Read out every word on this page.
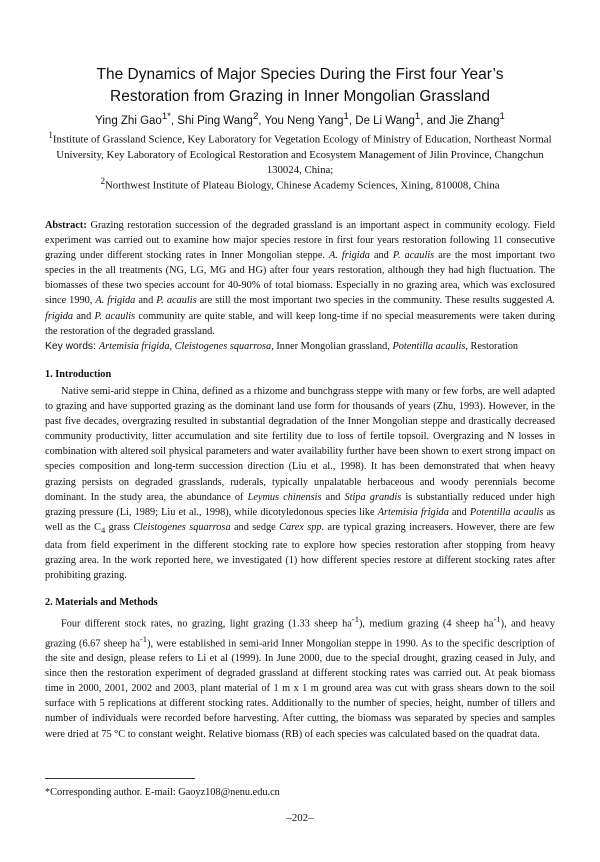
The Dynamics of Major Species During the First four Year’s
Restoration from Grazing in Inner Mongolian Grassland
Ying Zhi Gao$^{1*}$, Shi Ping Wang$^2$, You Neng Yang$^1$, De Li Wang$^1$, and Jie Zhang$^1$
$^1$Institute of Grassland Science, Key Laboratory for Vegetation Ecology of Ministry of Education, Northeast Normal University, Key Laboratory of Ecological Restoration and Ecosystem Management of Jilin Province, Changchun 130024, China;
$^2$Northwest Institute of Plateau Biology, Chinese Academy Sciences, Xining, 810008, China

Abstract: Grazing restoration succession of the degraded grassland is an important aspect in community ecology. Field experiment was carried out to examine how major species restore in first four years restoration following 11 consecutive grazing under different stocking rates in Inner Mongolian steppe. A. frigida and P. acaulis are the most important two species in the all treatments (NG, LG, MG and HG) after four years restoration, although they had high fluctuation. The biomasses of these two species account for 40-90% of total biomass. Especially in no grazing area, which was exclosured since 1990, A. frigida and P. acaulis are still the most important two species in the community. These results suggested A. frigida and P. acaulis community are quite stable, and will keep long-time if no special measurements were taken during the restoration of the degraded grassland.

Key words: Artemisia frigida, Cleistogenes squarrosa, Inner Mongolian grassland, Potentilla acaulis, Restoration

1. Introduction

Native semi-arid steppe in China, defined as a rhizome and bunchgrass steppe with many or few forbs, are well adapted to grazing and have supported grazing as the dominant land use form for thousands of years (Zhu, 1993). However, in the past five decades, overgrazing resulted in substantial degradation of the Inner Mongolian steppe and drastically decreased community productivity, litter accumulation and site fertility due to loss of fertile topsoil. Overgrazing and N losses in combination with altered soil physical parameters and water availability further have been shown to exert strong impact on species composition and long-term succession direction (Liu et al., 1998). It has been demonstrated that when heavy grazing persists on degraded grasslands, ruderals, typically unpalatable herbaceous and woody perennials become dominant. In the study area, the abundance of Leymus chinensis and Stipa grandis is substantially reduced under high grazing pressure (Li, 1989; Liu et al., 1998), while dicotyledonous species like Artemisia frigida and Potentilla acaulis as well as the $C_4$ grass Cleistogenes squarrosa and sedge Carex spp. are typical grazing increasers. However, there are few data from field experiment in the different stocking rate to explore how species restoration after stopping from heavy grazing area. In the work reported here, we investigated (1) how different species restore at different stocking rates after prohibiting grazing.

2. Materials and Methods

Four different stock rates, no grazing, light grazing (1.33 sheep $ha^{-1}$), medium grazing (4 sheep $ha^{-1}$), and heavy grazing (6.67 sheep $ha^{-1}$), were established in semi-arid Inner Mongolian steppe in 1990. As to the specific description of the site and design, please refers to Li et al (1999). In June 2000, due to the special drought, grazing ceased in July, and since then the restoration experiment of degraded grassland at different stocking rates was carried out. At peak biomass time in 2000, 2001, 2002 and 2003, plant material of 1 m x 1 m ground area was cut with grass shears down to the soil surface with 5 replications at different stocking rates. Additionally to the number of species, height, number of tillers and number of individuals were recorded before harvesting. After cutting, the biomass was separated by species and samples were dried at 75 °C to constant weight. Relative biomass (RB) of each species was calculated based on the quadrat data.

*Corresponding author. E-mail: Gaoyz108@nenu.edu.cn

–202–
